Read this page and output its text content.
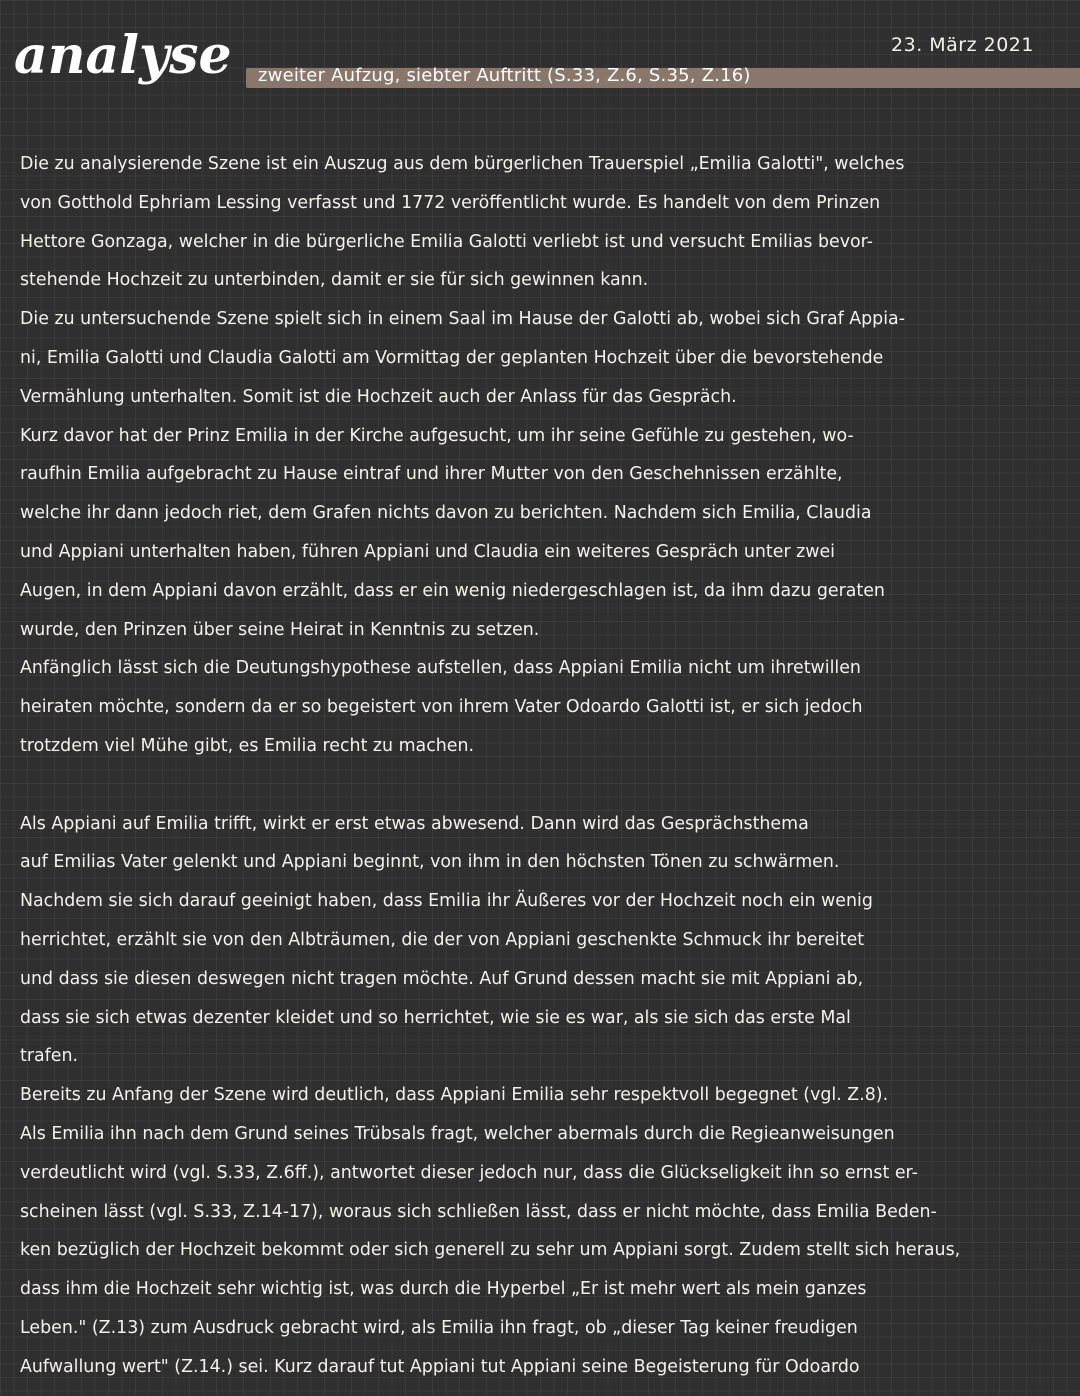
23. März 2021
analyse zweiter Aufzug, siebter Auftritt (S.33, Z.6, S.35, Z.16)
Die zu analysierende Szene ist ein Auszug aus dem bürgerlichen Trauerspiel „Emilia Galotti", welches
von Gotthold Ephriam Lessing verfasst und 1772 veröffentlicht wurde. Es handelt von dem Prinzen
Hettore Gonzaga, welcher in die bürgerliche Emilia Galotti verliebt ist und versucht Emilias bevor-
stehende Hochzeit zu unterbinden, damit er sie für sich gewinnen kann.
Die zu untersuchende Szene spielt sich in einem Saal im Hause der Galotti ab, wobei sich Graf Appia-
ni, Emilia Galotti und Claudia Galotti am Vormittag der geplanten Hochzeit über die bevorstehende
Vermählung unterhalten. Somit ist die Hochzeit auch der Anlass für das Gespräch.
Kurz davor hat der Prinz Emilia in der Kirche aufgesucht, um ihr seine Gefühle zu gestehen, wo-
raufhin Emilia aufgebracht zu Hause eintraf und ihrer Mutter von den Geschehnissen erzählte,
welche ihr dann jedoch riet, dem Grafen nichts davon zu berichten. Nachdem sich Emilia, Claudia
und Appiani unterhalten haben, führen Appiani und Claudia ein weiteres Gespräch unter zwei
Augen, in dem Appiani davon erzählt, dass er ein wenig niedergeschlagen ist, da ihm dazu geraten
wurde, den Prinzen über seine Heirat in Kenntnis zu setzen.
Anfänglich lässt sich die Deutungshypothese aufstellen, dass Appiani Emilia nicht um ihretwillen
heiraten möchte, sondern da er so begeistert von ihrem Vater Odoardo Galotti ist, er sich jedoch
trotzdem viel Mühe gibt, es Emilia recht zu machen.
Als Appiani auf Emilia trifft, wirkt er erst etwas abwesend. Dann wird das Gesprächsthema
auf Emilias Vater gelenkt und Appiani beginnt, von ihm in den höchsten Tönen zu schwärmen.
Nachdem sie sich darauf geeinigt haben, dass Emilia ihr Äußeres vor der Hochzeit noch ein wenig
herrichtet, erzählt sie von den Albträumen, die der von Appiani geschenkte Schmuck ihr bereitet
und dass sie diesen deswegen nicht tragen möchte. Auf Grund dessen macht sie mit Appiani ab,
dass sie sich etwas dezenter kleidet und so herrichtet, wie sie es war, als sie sich das erste Mal
trafen.
Bereits zu Anfang der Szene wird deutlich, dass Appiani Emilia sehr respektvoll begegnet (vgl. Z.8).
Als Emilia ihn nach dem Grund seines Trübsals fragt, welcher abermals durch die Regieanweisungen
verdeutlicht wird (vgl. S.33, Z.6ff.), antwortet dieser jedoch nur, dass die Glückseligkeit ihn so ernst er-
scheinen lässt (vgl. S.33, Z.14-17), woraus sich schließen lässt, dass er nicht möchte, dass Emilia Beden-
ken bezüglich der Hochzeit bekommt oder sich generell zu sehr um Appiani sorgt. Zudem stellt sich heraus,
dass ihm die Hochzeit sehr wichtig ist, was durch die Hyperbel „Er ist mehr wert als mein ganzes
Leben." (Z.13) zum Ausdruck gebracht wird, als Emilia ihn fragt, ob „dieser Tag keiner freudigen
Aufwallung wert" (Z.14.) sei. Kurz darauf tut Appiani tut Appiani seine Begeisterung für Odoardo
